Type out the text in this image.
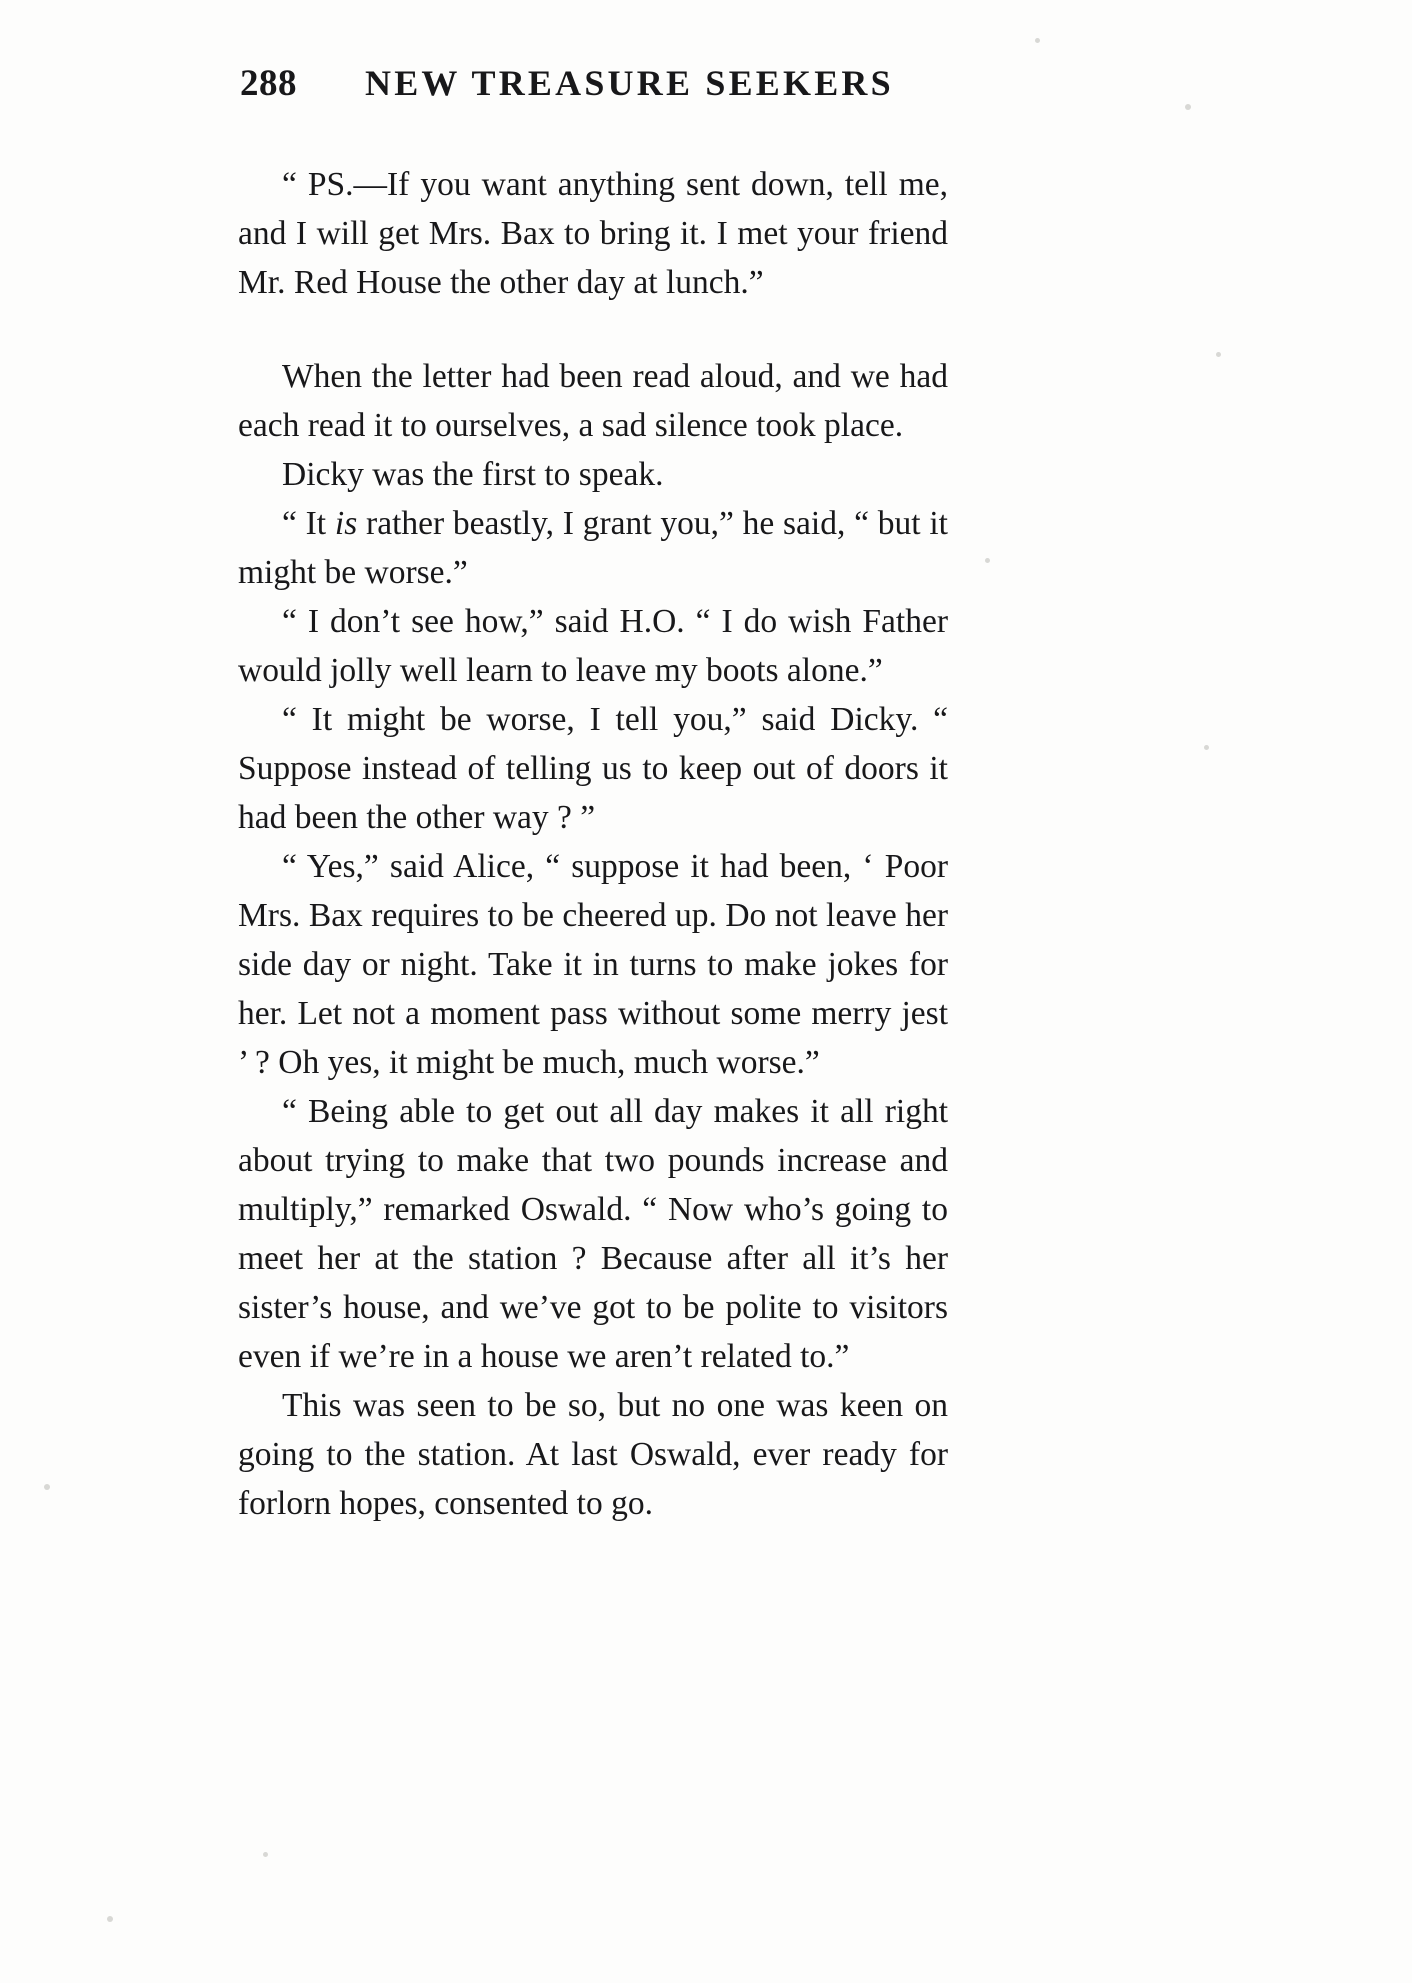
288 NEW TREASURE SEEKERS

“ PS.—If you want anything sent down, tell me, and I will get Mrs. Bax to bring it. I met your friend Mr. Red House the other day at lunch.”

When the letter had been read aloud, and we had each read it to ourselves, a sad silence took place.

Dicky was the first to speak.

“ It is rather beastly, I grant you,” he said, “ but it might be worse.”

“ I don’t see how,” said H.O. “ I do wish Father would jolly well learn to leave my boots alone.”

“ It might be worse, I tell you,” said Dicky. “ Suppose instead of telling us to keep out of doors it had been the other way ? ”

“ Yes,” said Alice, “ suppose it had been, ‘ Poor Mrs. Bax requires to be cheered up. Do not leave her side day or night. Take it in turns to make jokes for her. Let not a moment pass without some merry jest ’ ? Oh yes, it might be much, much worse.”

“ Being able to get out all day makes it all right about trying to make that two pounds increase and multiply,” remarked Oswald. “ Now who’s going to meet her at the station ? Because after all it’s her sister’s house, and we’ve got to be polite to visitors even if we’re in a house we aren’t related to.”

This was seen to be so, but no one was keen on going to the station. At last Oswald, ever ready for forlorn hopes, consented to go.
